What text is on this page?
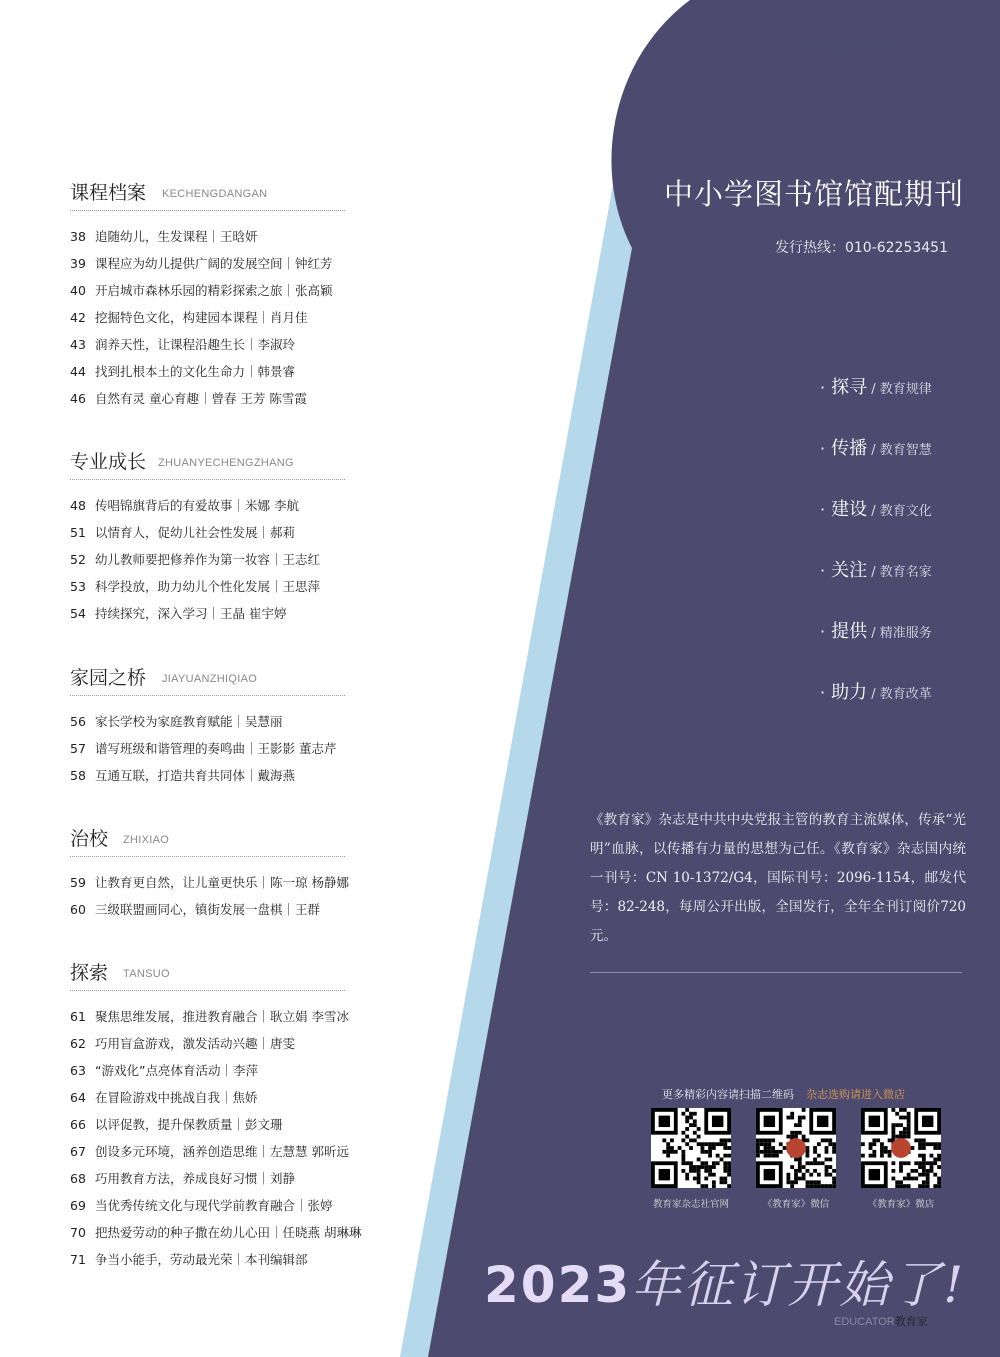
目录 版权 | 03
课程档案 KECHENGDANGAN
38 追随幼儿，生发课程｜王晗妍
39 课程应为幼儿提供广阔的发展空间｜钟红芳
40 开启城市森林乐园的精彩探索之旅｜张高颖
42 挖掘特色文化，构建园本课程｜肖月佳
43 润养天性，让课程沿趣生长｜李淑玲
44 找到扎根本土的文化生命力｜韩景睿
46 自然有灵 童心育趣｜曾春 王芳 陈雪霞
专业成长 ZHUANYECHENGZHANG
48 传唱锦旗背后的有爱故事｜米娜 李航
51 以情育人，促幼儿社会性发展｜郝莉
52 幼儿教师要把修养作为第一妆容｜王志红
53 科学投放，助力幼儿个性化发展｜王思萍
54 持续探究，深入学习｜王晶 崔宇婷
家园之桥 JIAYUANZHIQIAO
56 家长学校为家庭教育赋能｜吴慧丽
57 谱写班级和谐管理的奏鸣曲｜王影影 董志芹
58 互通互联，打造共育共同体｜戴海燕
治校 ZHIXIAO
59 让教育更自然，让儿童更快乐｜陈一琼 杨静娜
60 三级联盟画同心，镇街发展一盘棋｜王群
探索 TANSUO
61 聚焦思维发展，推进教育融合｜耿立娟 李雪冰
62 巧用盲盒游戏，激发活动兴趣｜唐雯
63 “游戏化”点亮体育活动｜李萍
64 在冒险游戏中挑战自我｜焦娇
66 以评促教，提升保教质量｜彭文珊
67 创设多元环境，涵养创造思维｜左慧慧 郭昕远
68 巧用教育方法，养成良好习惯｜刘静
69 当优秀传统文化与现代学前教育融合｜张婷
70 把热爱劳动的种子撒在幼儿心田｜任晓燕 胡琳琳
71 争当小能手，劳动最光荣｜本刊编辑部
中小学图书馆馆配期刊
发行热线：010-62253451
· 探寻 / 教育规律
· 传播 / 教育智慧
· 建设 / 教育文化
· 关注 / 教育名家
· 提供 / 精准服务
· 助力 / 教育改革
《教育家》杂志是中共中央党报主管的教育主流媒体，传承“光明”血脉，以传播有力量的思想为己任。《教育家》杂志国内统一刊号：CN 10-1372/G4，国际刊号：2096-1154，邮发代号：82-248，每周公开出版，全国发行，全年全刊订阅价720元。
更多精彩内容请扫描二维码 杂志选购请进入微店
教育家杂志社官网	《教育家》微信	《教育家》微店
2023年征订开始了!
EDUCATOR教育家
